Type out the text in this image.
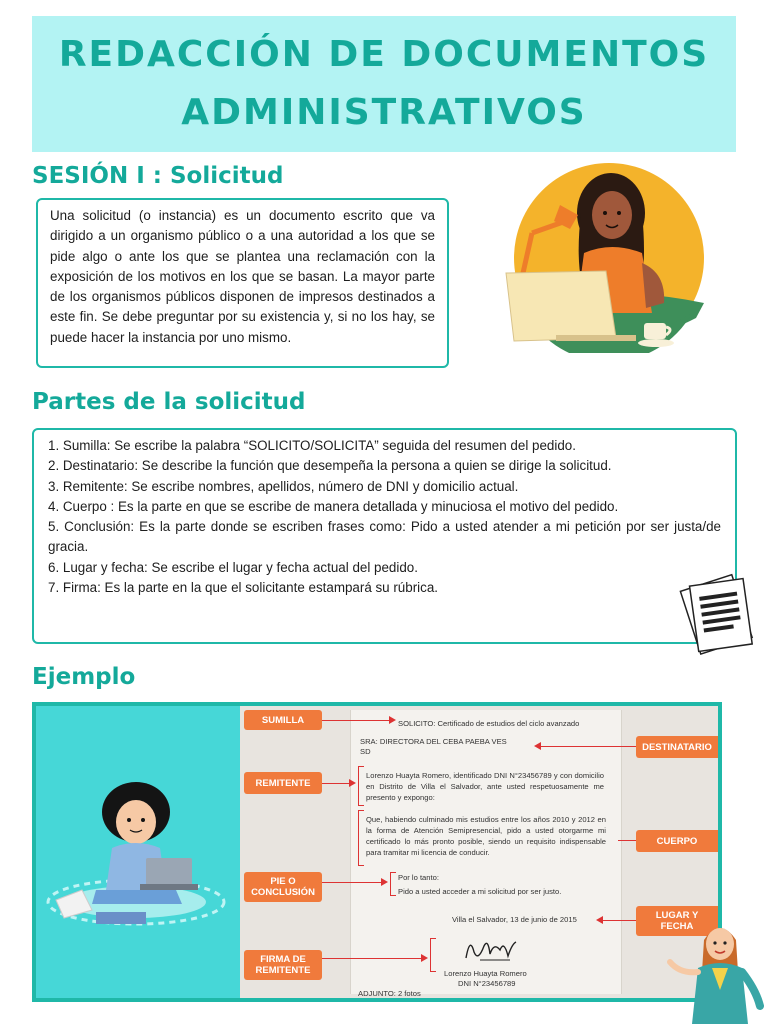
REDACCIÓN DE DOCUMENTOS
ADMINISTRATIVOS
SESIÓN I : Solicitud
Una solicitud (o instancia) es un documento escrito que va dirigido a un organismo público o a una autoridad a los que se pide algo o ante los que se plantea una reclamación con la exposición de los motivos en los que se basan. La mayor parte de los organismos públicos disponen de impresos destinados a este fin. Se debe preguntar por su existencia y, si no los hay, se puede hacer la instancia por uno mismo.
Partes de la solicitud
1. Sumilla: Se escribe la palabra “SOLICITO/SOLICITA” seguida del resumen del pedido.
2. Destinatario: Se describe la función que desempeña la persona a quien se dirige la solicitud.
3. Remitente: Se escribe nombres, apellidos, número de DNI y domicilio actual.
4. Cuerpo : Es la parte en que se escribe de manera detallada y minuciosa el motivo del pedido.
5. Conclusión: Es la parte donde se escriben frases como: Pido a usted atender a mi petición por ser justa/de gracia.
6. Lugar y fecha: Se escribe el lugar y fecha actual del pedido.
7. Firma: Es la parte en la que el solicitante estampará su rúbrica.
Ejemplo
SOLICITO: Certificado de estudios del ciclo avanzado
SRA: DIRECTORA DEL CEBA PAEBA VES
SD
Lorenzo Huayta Romero, identificado DNI N°23456789 y con domicilio en Distrito de Villa el Salvador, ante usted respetuosamente me presento y expongo:
Que, habiendo culminado mis estudios entre los años 2010 y 2012 en la forma de Atención Semipresencial, pido a usted otorgarme mi certificado lo más pronto posible, siendo un requisito indispensable para tramitar mi licencia de conducir.
Por lo tanto:
Pido a usted acceder a mi solicitud por ser justo.
Villa el Salvador, 13 de junio de 2015
Lorenzo Huayta Romero
DNI N°23456789
ADJUNTO: 2 fotos
SUMILLA
REMITENTE
PIE O
CONCLUSIÓN
FIRMA DE
REMITENTE
DESTINATARIO
CUERPO
LUGAR Y
FECHA
